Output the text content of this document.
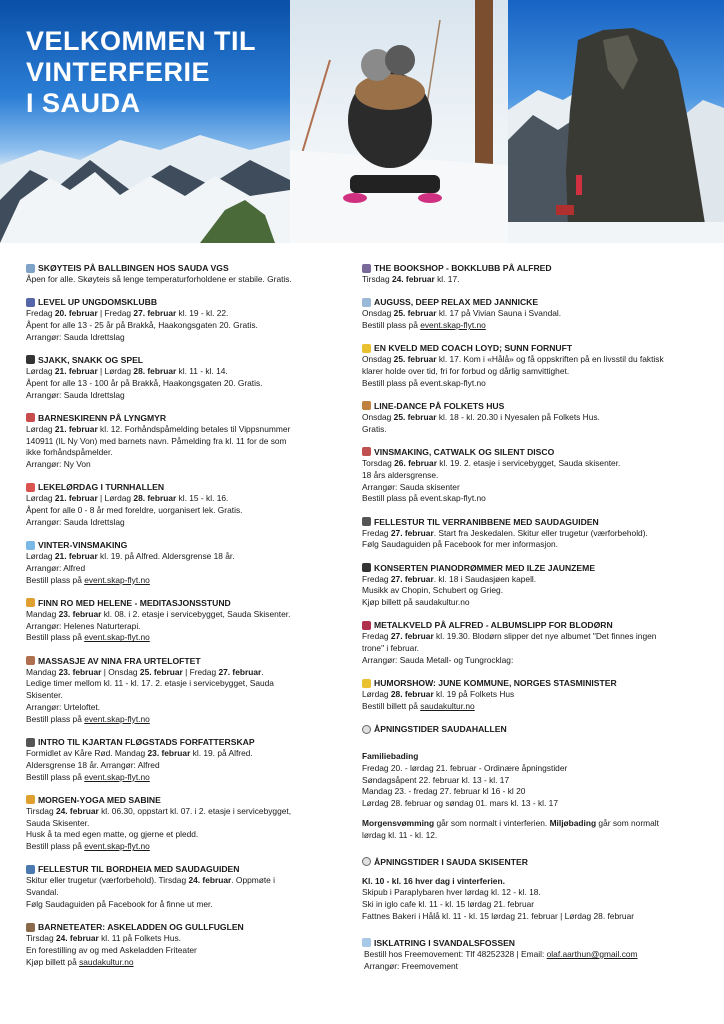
VELKOMMEN TIL
VINTERFERIE
I SAUDA
SKØYTEIS PÅ BALLBINGEN HOS SAUDA VGS

Åpen for alle. Skøyteis så lenge temperaturforholdene er stabile. Gratis.

LEVEL UP UNGDOMSKLUBB

Fredag 20. februar | Fredag 27. februar kl. 19 - kl. 22.

Åpent for alle 13 - 25 år på Brakkå, Haakongsgaten 20. Gratis.

Arrangør: Sauda Idrettslag

SJAKK, SNAKK OG SPEL

Lørdag 21. februar | Lørdag 28. februar kl. 11 - kl. 14.

Åpent for alle 13 - 100 år på Brakkå, Haakongsgaten 20. Gratis.

Arrangør: Sauda Idrettslag

BARNESKIRENN PÅ LYNGMYR

Lørdag 21. februar kl. 12. Forhåndspåmelding betales til Vippsnummer

140911 (IL Ny Von) med barnets navn. Påmelding fra kl. 11 for de som

ikke forhåndspåmelder.

Arrangør: Ny Von

LEKELØRDAG I TURNHALLEN

Lørdag 21. februar | Lørdag 28. februar kl. 15 - kl. 16.

Åpent for alle 0 - 8 år med foreldre, uorganisert lek. Gratis.

Arrangør: Sauda Idrettslag

VINTER-VINSMAKING

Lørdag 21. februar kl. 19. på Alfred. Aldersgrense 18 år.

Arrangør: Alfred

Bestill plass på event.skap-flyt.no

FINN RO MED HELENE - MEDITASJONSSTUND

Mandag 23. februar kl. 08. i 2. etasje i servicebygget, Sauda Skisenter.

Arrangør: Helenes Naturterapi.

Bestill plass på event.skap-flyt.no

MASSASJE AV NINA FRA URTELOFTET

Mandag 23. februar | Onsdag 25. februar | Fredag 27. februar.

Ledige timer mellom kl. 11 - kl. 17. 2. etasje i servicebygget, Sauda

Skisenter.

Arrangør: Urteloftet.

Bestill plass på event.skap-flyt.no

INTRO TIL KJARTAN FLØGSTADS FORFATTERSKAP

Formidlet av Kåre Rød. Mandag 23. februar kl. 19. på Alfred.

Aldersgrense 18 år. Arrangør: Alfred

Bestill plass på event.skap-flyt.no

MORGEN-YOGA MED SABINE

Tirsdag 24. februar kl. 06.30, oppstart kl. 07. i 2. etasje i servicebygget,

Sauda Skisenter.

Husk å ta med egen matte, og gjerne et pledd.

Bestill plass på event.skap-flyt.no

FELLESTUR TIL BORDHEIA MED SAUDAGUIDEN

Skitur eller trugetur (værforbehold). Tirsdag 24. februar. Oppmøte i

Svandal.

Følg Saudaguiden på Facebook for å finne ut mer.

BARNETEATER: ASKELADDEN OG GULLFUGLEN

Tirsdag 24. februar kl. 11 på Folkets Hus.

En forestilling av og med Askeladden Friteater

Kjøp billett på saudakultur.no

THE BOOKSHOP - BOKKLUBB PÅ ALFRED

Tirsdag 24. februar kl. 17.

AUGUSS, DEEP RELAX MED JANNICKE

Onsdag 25. februar kl. 17 på Vivian Sauna i Svandal.

Bestill plass på event.skap-flyt.no

EN KVELD MED COACH LOYD; SUNN FORNUFT

Onsdag 25. februar kl. 17. Kom i «Hålå» og få oppskriften på en livsstil du faktisk

klarer holde over tid, fri for forbud og dårlig samvittighet.

Bestill plass på event.skap-flyt.no

LINE-DANCE PÅ FOLKETS HUS

Onsdag 25. februar kl. 18 - kl. 20.30 i Nyesalen på Folkets Hus.

Gratis.

VINSMAKING, CATWALK OG SILENT DISCO

Torsdag 26. februar kl. 19. 2. etasje i servicebygget, Sauda skisenter.

18 års aldersgrense.

Arrangør: Sauda skisenter

Bestill plass på event.skap-flyt.no

FELLESTUR TIL VERRANIBBENE MED SAUDAGUIDEN

Fredag 27. februar. Start fra Jeskedalen. Skitur eller trugetur (værforbehold).

Følg Saudaguiden på Facebook for mer informasjon.

KONSERTEN PIANODRØMMER MED ILZE JAUNZEME

Fredag 27. februar. kl. 18 i Saudasjøen kapell.

Musikk av Chopin, Schubert og Grieg.

Kjøp billett på saudakultur.no

METALKVELD PÅ ALFRED - ALBUMSLIPP FOR BLODØRN

Fredag 27. februar kl. 19.30. Blodørn slipper det nye albumet "Det finnes ingen

trone" i februar.

Arrangør: Sauda Metall- og Tungrocklag:

HUMORSHOW: JUNE KOMMUNE, NORGES STASMINISTER

Lørdag 28. februar kl. 19 på Folkets Hus

Bestill billett på saudakultur.no

ÅPNINGSTIDER SAUDAHALLEN

Familiebading

Fredag 20. - lørdag 21. februar - Ordinære åpningstider

Søndagsåpent 22. februar kl. 13 - kl. 17

Mandag 23. - fredag 27. februar kl 16 - kl 20

Lørdag 28. februar og søndag 01. mars kl. 13 - kl. 17

Morgensvømming går som normalt i vinterferien. Miljøbading går som normalt

lørdag kl. 11 - kl. 12.

ÅPNINGSTIDER I SAUDA SKISENTER

Kl. 10 - kl. 16 hver dag i vinterferien.

Skipub i Paraplybaren hver lørdag kl. 12 - kl. 18.

Ski in iglo cafe kl. 11 - kl. 15 lørdag 21. februar

Fattnes Bakeri i Hålå kl. 11 - kl. 15 lørdag 21. februar | Lørdag 28. februar

ISKLATRING I SVANDALSFOSSEN

Bestill hos Freemovement: Tlf 48252328 | Email: olaf.aarthun@gmail.com

Arrangør: Freemovement
